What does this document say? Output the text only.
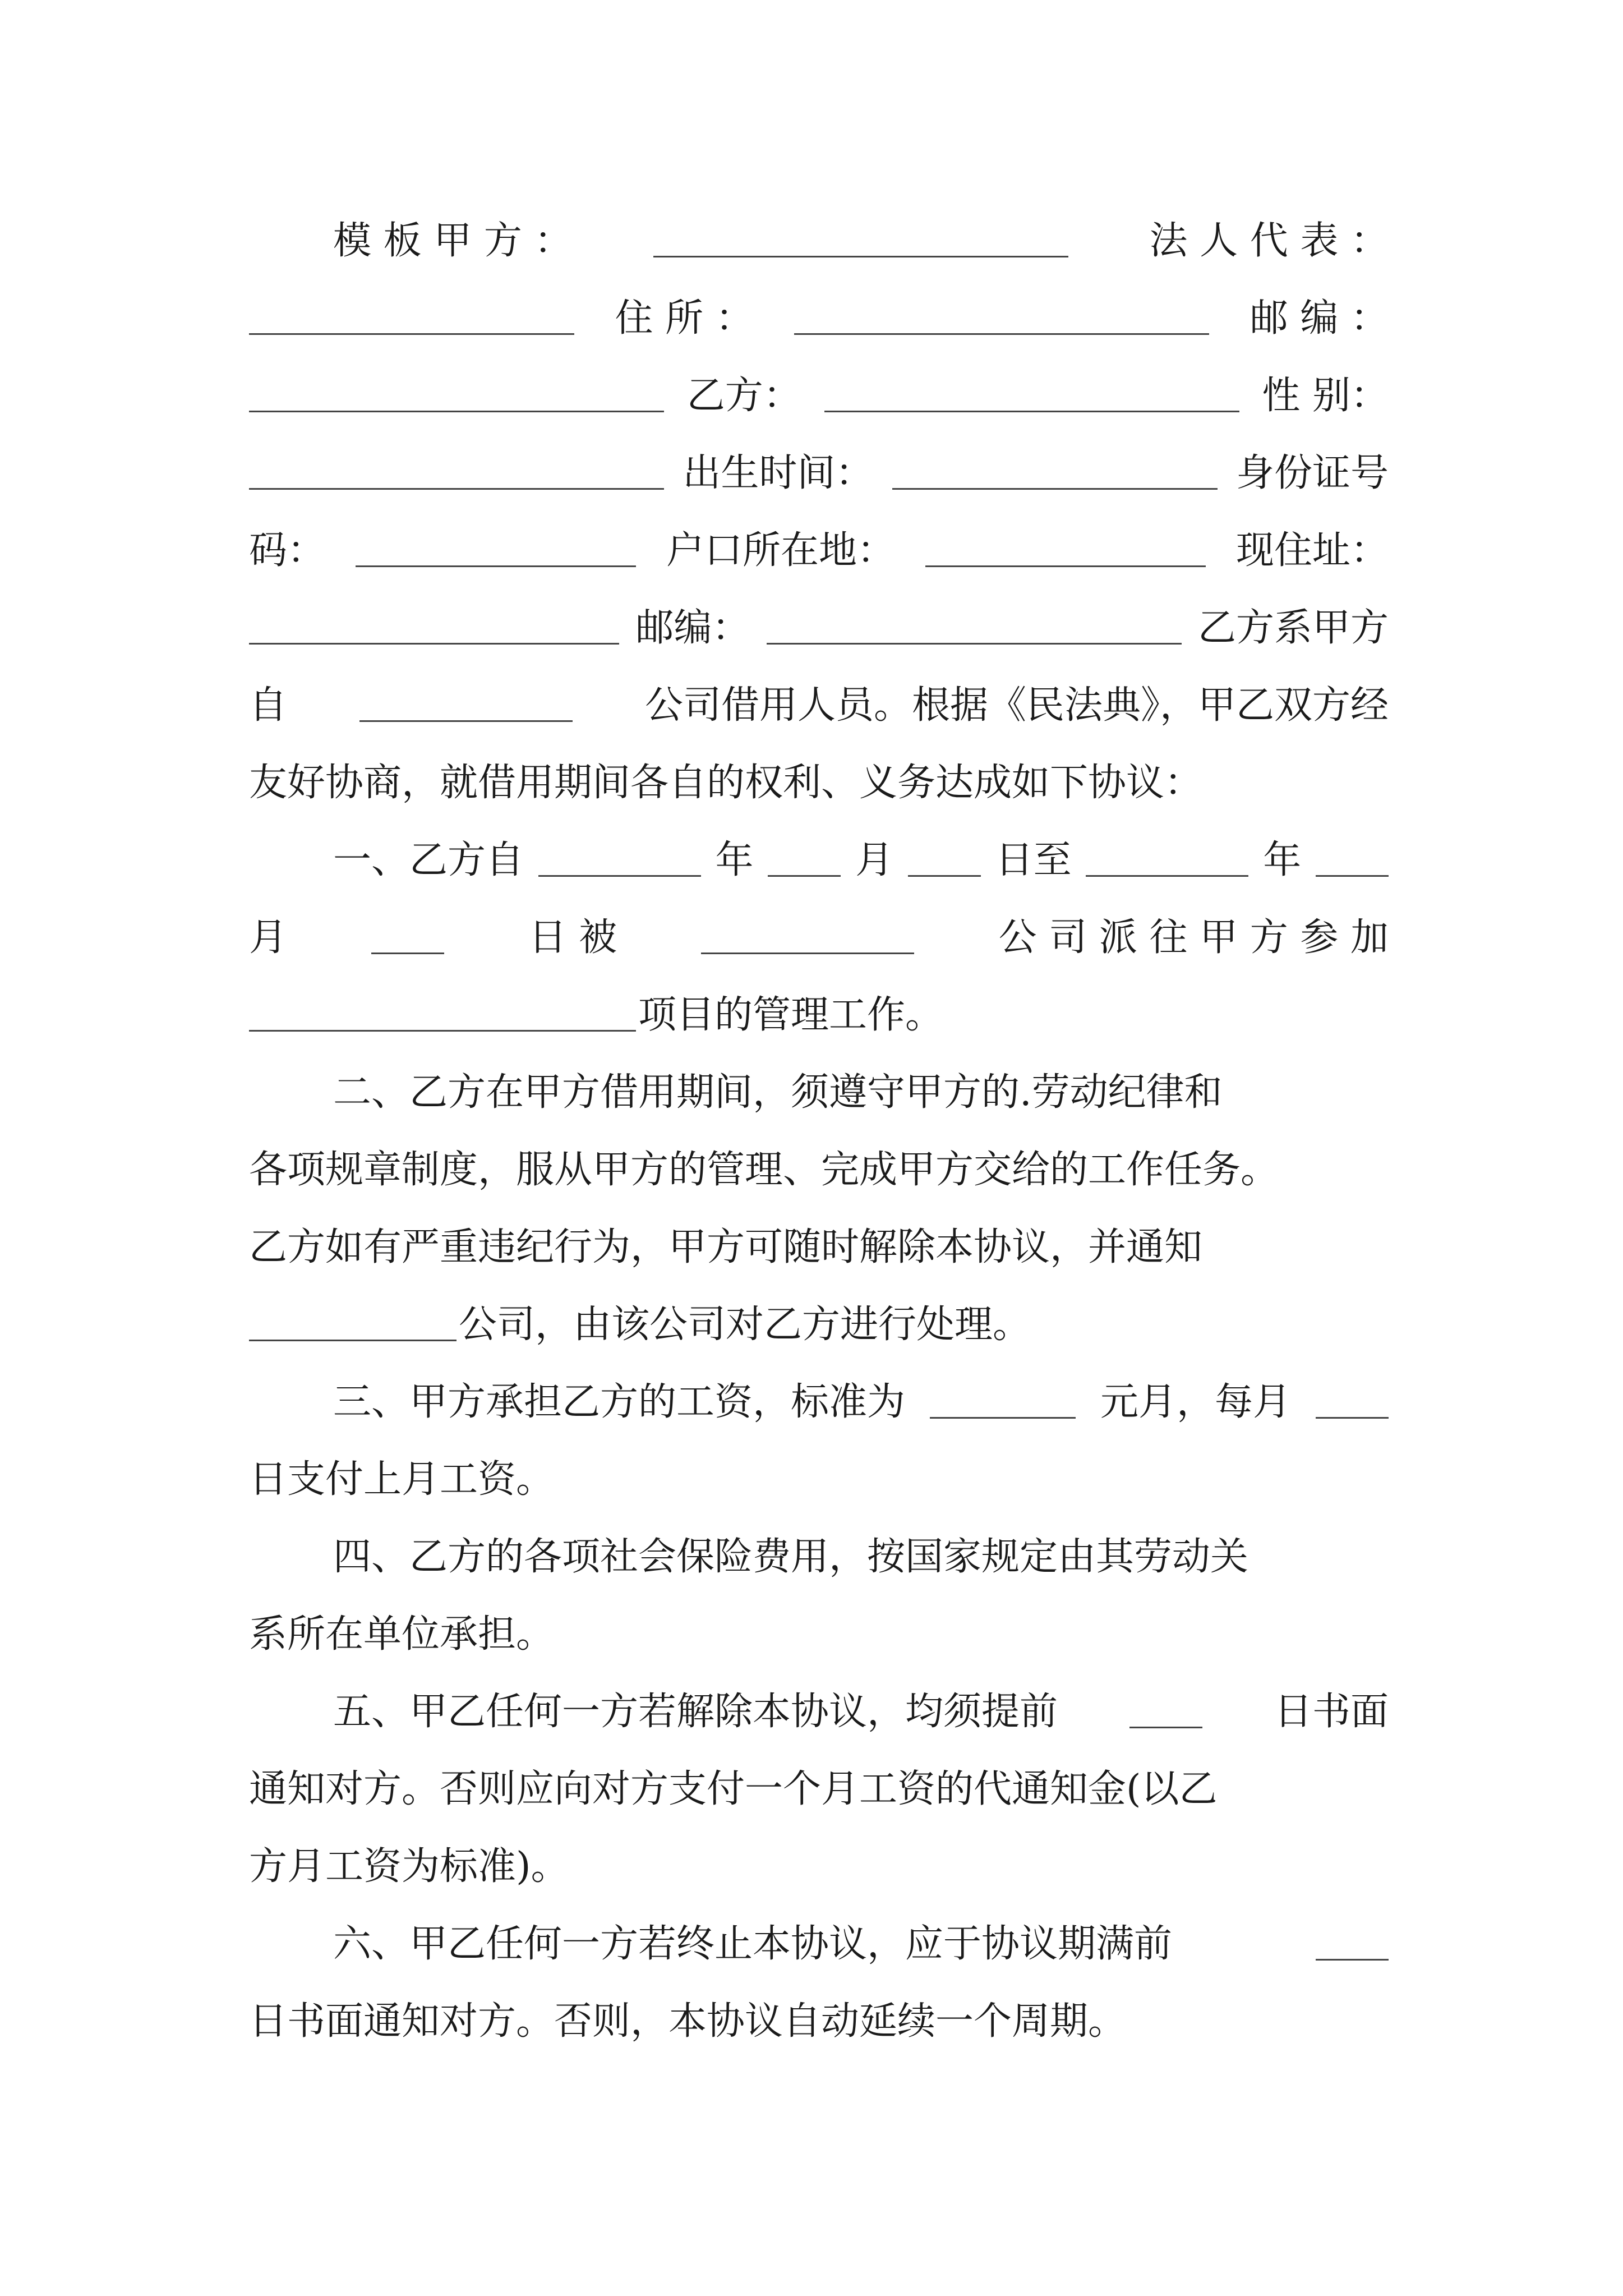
模 板 甲 方 ：	法 人 代 表 ：
住 所 ：	邮 编 ：
乙方：	性 别：
出生时间：	身份证号
码：	户口所在地：	现住址：
邮编：	乙方系甲方
自	公司借用人员。根据《民法典》，甲乙双方经
友好协商，就借用期间各自的权利、义务达成如下协议：
一、乙方自	年	月	日至	年
月	日 被	公 司 派 往 甲 方 参 加
项目的管理工作。
二、乙方在甲方借用期间，须遵守甲方的.劳动纪律和
各项规章制度，服从甲方的管理、完成甲方交给的工作任务。
乙方如有严重违纪行为，甲方可随时解除本协议，并通知
公司，由该公司对乙方进行处理。
三、甲方承担乙方的工资，标准为	元月，每月
日支付上月工资。
四、乙方的各项社会保险费用，按国家规定由其劳动关
系所在单位承担。
五、甲乙任何一方若解除本协议，均须提前	日书面
通知对方。否则应向对方支付一个月工资的代通知金(以乙
方月工资为标准)。
六、甲乙任何一方若终止本协议，应于协议期满前
日书面通知对方。否则，本协议自动延续一个周期。
